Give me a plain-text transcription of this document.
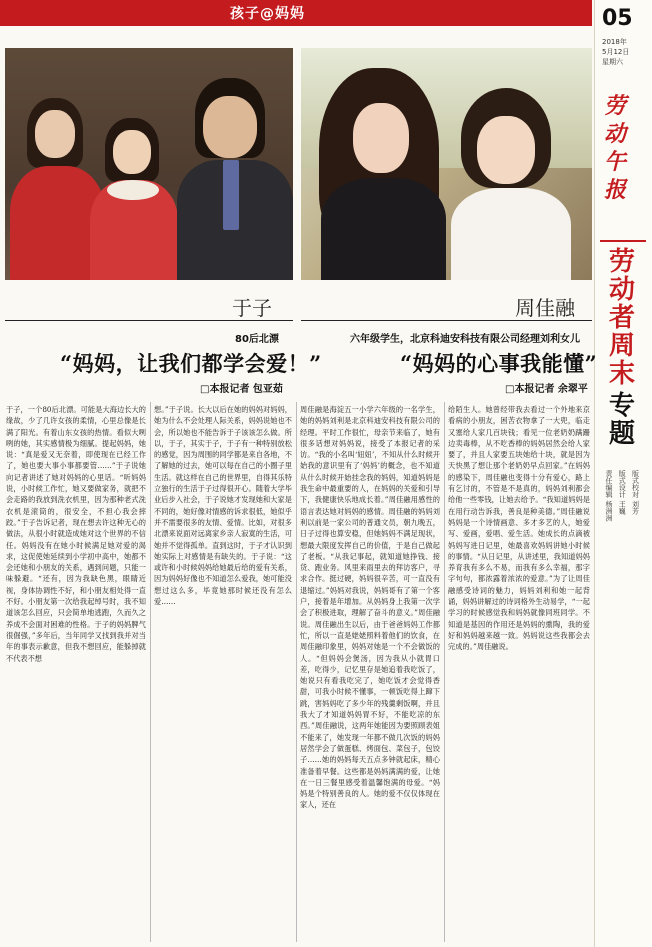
孩子@妈妈	05
2018年
5月12日
星期六
劳动午报
劳动者周末
专题
责任编辑 杨洲洲 版式设计 王巍 版式校对 刘芳
于子
80后北漂
“妈妈，让我们都学会爱！”
□本报记者 包亚茹
周佳融
六年级学生，北京科迪安科技有限公司经理刘利女儿
“妈妈的心事我能懂”
□本报记者 余翠平
于子，一个80后北漂。可能是大海边长大的缘故，少了几许女孩的柔情，心里总像是长满了阳光。有着山东女孩的热情。看似大咧咧的她，其实感情极为细腻。提起妈妈，她说：“真是爱又无奈着，即使现在已经工作了，她也要大事小事都要管……”于子说她向记者讲述了她对妈妈的心里话。“听妈妈说，小时候工作忙，她又要做家务，就把不会走路的我放到洗衣机里，因为那种老式洗衣机是滚筒的，很安全，不担心我会摔跤。”于子告诉记者，现在想去许这种无心的做法，从很小时就造成她对这个世界的不信任。妈妈没有在她小时候满足她对爱的渴求，这促使她延续到小学初中高中，她都不会还她和小朋友的关系，遇到问题，只能一味躲避。“还有，因为我缺色黑，眼睛近视，身体协调性不好，和小朋友相处得一直不好。小朋友第一次给我起绰号时，我不知道该怎么回应，只会简单地逃跑，久而久之养成不会面对困难的性格。于子的妈妈脾气很倔强，”多年后，当年同学又找到我并对当年的事表示歉意，但我不想回应，能躲掉就不代表不想
想。”于子说。长大以后在她的妈妈对妈妈，她为什么不会处理人际关系，妈妈说她也不会，所以她也不能告诉于子该该怎么做。所以，于子，其实于子，于子有一种特别放松的感觉，因为周围的同学都是来自各地，不了解她的过去，她可以每在自己的小圈子里生活。就这样在自己的世界里，自得其乐特立独行的生活于子过得很开心。随着大学毕业后步入社会，于子说她才发现她和大家是不同的，她好像对情感的诉求很低，她似乎并不需要很多的友情、爱情。比如，对很多北漂来说面对远离家乡亲人寂寞的生活，可她并不觉得孤单。直到这时，于子才认识到她实际上对感情是有缺失的。于子说：“这或许和小时候妈妈给她最后给的爱有关系，因为妈妈好像也不知道怎么爱我，她可能没想过这么多，毕竟她那时候还没有怎么爱……
周佳融是海淀五一小学六年级的一名学生，她的妈妈刘利是北京科迪安科技有限公司的经理。平时工作很忙，母亲节来临了，她有很多话想对妈妈说，接受了本报记者的采访。“我的小名叫‘妞妞’，不知从什么时候开始我的意识里有了‘妈妈’的概念，也不知道从什么时候开始挂念我的妈妈，知道妈妈是我生命中最重要的人，在妈妈的关爱和引导下，我健康快乐地成长着。”周佳融用感性的语言表达她对妈妈的感情。周佳融的妈妈刘利以前是一家公司的普通文员，朝九晚五，日子过得也算安稳，但她妈妈不满足现状，想最大限度发挥自己的价值，于是自己做起了老板。“从我记事起，就知道她挣钱、接货、跑业务。风里来雨里去的拜访客户，寻求合作。挺过硬，妈妈很辛苦，可一直没有退缩过。”妈妈对我说，妈妈哥有了第一个客户，接着是年增加。从妈妈身上我第一次学会了积极进取，理解了奋斗的意义。”周佳融说。周佳融出生以后，由于爸爸妈妈工作都忙，所以一直是姥姥照料着他们的饮食，在周佳融印象里，妈妈对她是一个不会做饭的人。“但妈妈会煲汤，因为我从小就胃口差，吃得少，记忆里存是她追着我吃饭了，她说只有看我吃完了，她吃饭才会觉得香甜，可我小时候不懂事，一顿饭吃得上蹿下跳，害妈妈吃了多少年的残羹剩饭啊，并且我大了才知道妈妈胃不好，不能吃凉的东西。”周佳融说，这两年她能因为要照顾表姐不能来了，她发现一年都不做几次饭的妈妈居然学会了做蛋糕、烤面包、菜包子，包饺子……她的妈妈每天五点多钟就起床，精心准备着早餐。这些都是妈妈满满的爱，让她在一日三餐里感受着温馨饱满的母爱。“妈妈是个特别善良的人。她的爱不仅仅体现在家人，还在
给陌生人。她曾经带我去看过一个外地来京看病的小朋友，困苦衣物拿了一大兜，临走又塞给人家几百块钱；看见一位老奶奶蹒跚边卖毒棒，从不吃香棒的妈妈居然会给人家要了，并且人家要五块她给十块，就是因为天快黑了想让那个老奶奶早点回家。”在妈妈的感染下，周佳融也变得十分有爱心，路上有乞讨的，不管是不是真的，妈妈刘利都会给他一些零钱，让她去给予。“我知道妈妈是在用行动告诉我，善良是种美德。”周佳融说妈妈是一个诗情画意、多才多艺的人，她爱写、爱画，爱唱、爱生活。她成长的点滴被妈妈写进日记里，她最喜欢妈妈讲她小时候的事情。“从日记里，从讲述里，我知道妈妈养育我有多么不易，而我有多么幸福，那字字句句，都浓露着浓浓的爱意。”为了让周佳融感受诗词的魅力，妈妈刘利和她一起背诵，妈妈讲解过的诗词格外生动易学，“一起学习的时候感觉我和妈妈就像同班同学。不知道是基因的作用还是妈妈的熏陶，我的爱好和妈妈越来越一致。妈妈说这些我都会去完成的。”周佳融说。
